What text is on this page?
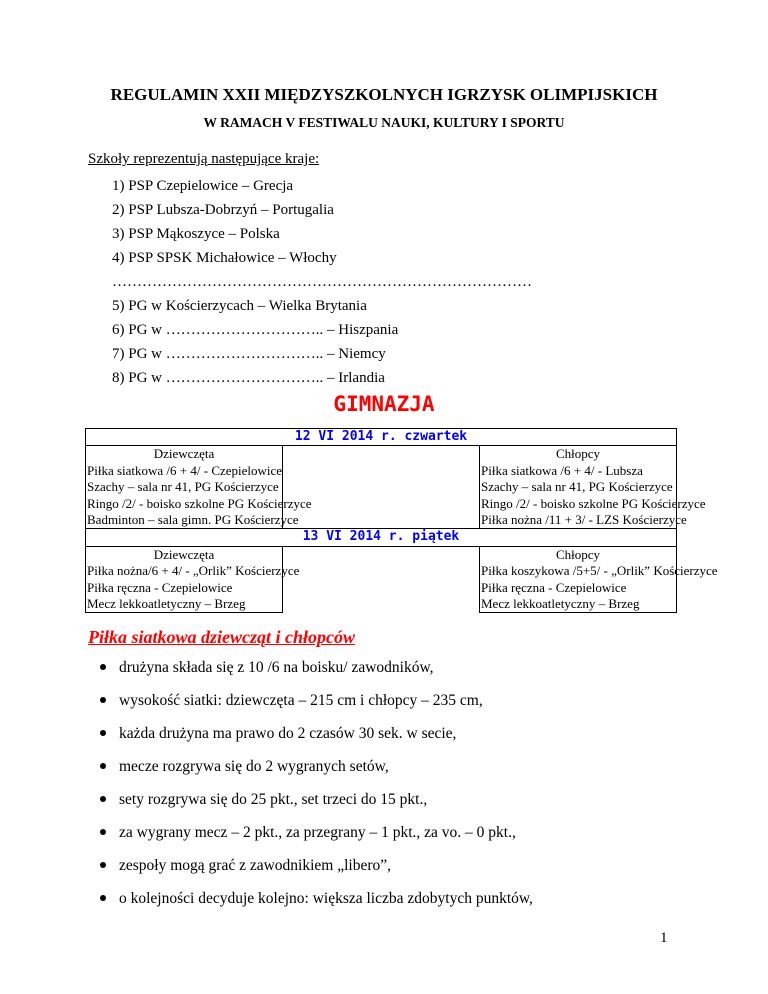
REGULAMIN XXII MIĘDZYSZKOLNYCH IGRZYSK OLIMPIJSKICH
W RAMACH V FESTIWALU NAUKI, KULTURY I SPORTU
Szkoły reprezentują następujące kraje:
1) PSP Czepielowice – Grecja
2) PSP Lubsza-Dobrzyń – Portugalia
3) PSP Mąkoszyce – Polska
4) PSP SPSK Michałowice – Włochy
…………………………………………………………………………
5) PG w Kościerzycach – Wielka Brytania
6) PG w ………………………….. – Hiszpania
7) PG w ………………………….. – Niemcy
8) PG w ………………………….. – Irlandia
GIMNAZJA
12 VI 2014 r. czwartek		
Dziewczęta		Chłopcy
Piłka siatkowa /6 + 4/ - Czepielowice		Piłka siatkowa /6 + 4/ - Lubsza
Szachy – sala nr 41, PG Kościerzyce		Szachy – sala nr 41, PG Kościerzyce
Ringo /2/ - boisko szkolne PG Kościerzyce		Ringo /2/ - boisko szkolne PG Kościerzyce
Badminton – sala gimn. PG Kościerzyce		Piłka nożna /11 + 3/ - LZS Kościerzyce
13 VI 2014 r. piątek		
Dziewczęta		Chłopcy
Piłka nożna/6 + 4/ - „Orlik” Kościerzyce		Piłka koszykowa /5+5/ - „Orlik” Kościerzyce
Piłka ręczna - Czepielowice		Piłka ręczna - Czepielowice
Mecz lekkoatletyczny – Brzeg		Mecz lekkoatletyczny – Brzeg
Piłka siatkowa dziewcząt i chłopców
drużyna składa się z 10 /6 na boisku/ zawodników,
wysokość siatki: dziewczęta – 215 cm i chłopcy – 235 cm,
każda drużyna ma prawo do 2 czasów 30 sek. w secie,
mecze rozgrywa się do 2 wygranych setów,
sety rozgrywa się do 25 pkt., set trzeci do 15 pkt.,
za wygrany mecz – 2 pkt., za przegrany – 1 pkt., za vo. – 0 pkt.,
zespoły mogą grać z zawodnikiem „libero”,
o kolejności decyduje kolejno: większa liczba zdobytych punktów,
1
